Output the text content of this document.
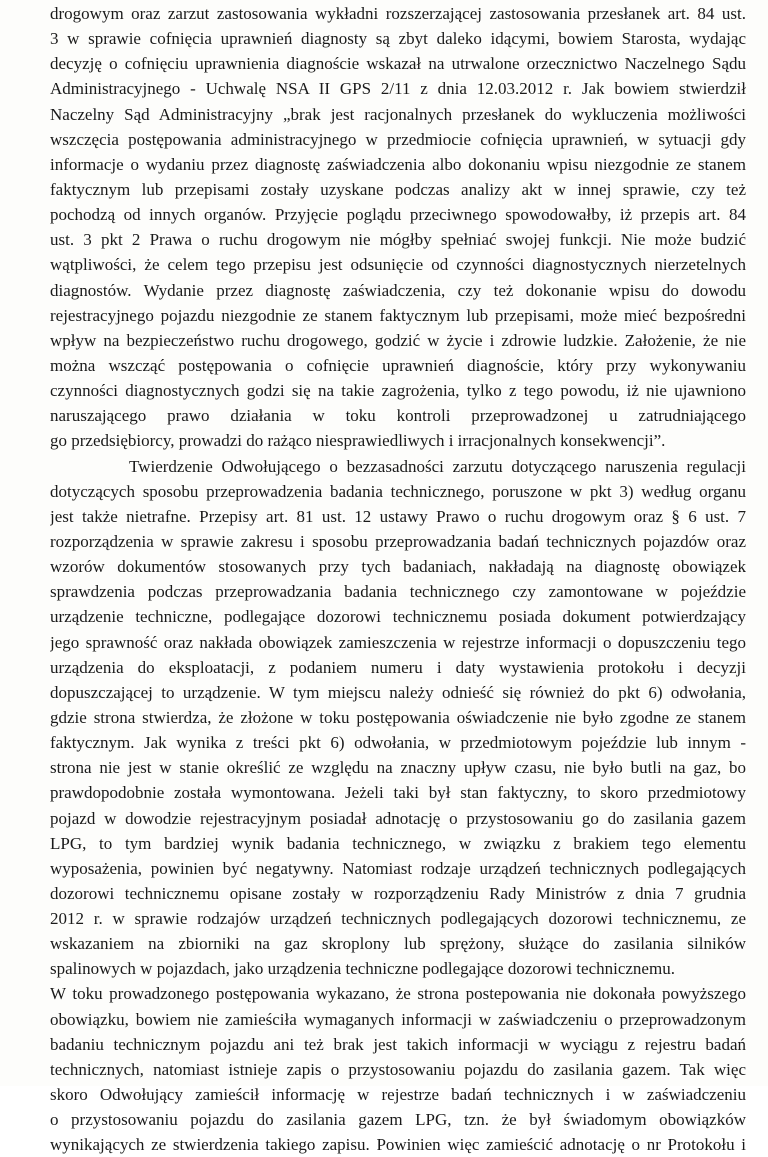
drogowym oraz zarzut zastosowania wykładni rozszerzającej zastosowania przesłanek art. 84 ust.
3 w sprawie cofnięcia uprawnień diagnosty są zbyt daleko idącymi, bowiem Starosta, wydając
decyzję o cofnięciu uprawnienia diagnoście wskazał na utrwalone orzecznictwo Naczelnego Sądu
Administracyjnego - Uchwalę NSA II GPS 2/11 z dnia 12.03.2012 r. Jak bowiem stwierdził
Naczelny Sąd Administracyjny „brak jest racjonalnych przesłanek do wykluczenia możliwości
wszczęcia postępowania administracyjnego w przedmiocie cofnięcia uprawnień, w sytuacji gdy
informacje o wydaniu przez diagnostę zaświadczenia albo dokonaniu wpisu niezgodnie ze stanem
faktycznym lub przepisami zostały uzyskane podczas analizy akt w innej sprawie, czy też
pochodzą od innych organów. Przyjęcie poglądu przeciwnego spowodowałby, iż przepis art. 84
ust. 3 pkt 2 Prawa o ruchu drogowym nie mógłby spełniać swojej funkcji. Nie może budzić
wątpliwości, że celem tego przepisu jest odsunięcie od czynności diagnostycznych nierzetelnych
diagnostów. Wydanie przez diagnostę zaświadczenia, czy też dokonanie wpisu do dowodu
rejestracyjnego pojazdu niezgodnie ze stanem faktycznym lub przepisami, może mieć bezpośredni
wpływ na bezpieczeństwo ruchu drogowego, godzić w życie i zdrowie ludzkie. Założenie, że nie
można wszcząć postępowania o cofnięcie uprawnień diagnoście, który przy wykonywaniu
czynności diagnostycznych godzi się na takie zagrożenia, tylko z tego powodu, iż nie ujawniono
naruszającego prawo działania w toku kontroli przeprowadzonej u zatrudniającego
go przedsiębiorcy, prowadzi do rażąco niesprawiedliwych i irracjonalnych konsekwencji”.
Twierdzenie Odwołującego o bezzasadności zarzutu dotyczącego naruszenia regulacji
dotyczących sposobu przeprowadzenia badania technicznego, poruszone w pkt 3) według organu
jest także nietrafne. Przepisy art. 81 ust. 12 ustawy Prawo o ruchu drogowym oraz § 6 ust. 7
rozporządzenia w sprawie zakresu i sposobu przeprowadzania badań technicznych pojazdów oraz
wzorów dokumentów stosowanych przy tych badaniach, nakładają na diagnostę obowiązek
sprawdzenia podczas przeprowadzania badania technicznego czy zamontowane w pojeździe
urządzenie techniczne, podlegające dozorowi technicznemu posiada dokument potwierdzający
jego sprawność oraz nakłada obowiązek zamieszczenia w rejestrze informacji o dopuszczeniu tego
urządzenia do eksploatacji, z podaniem numeru i daty wystawienia protokołu i decyzji
dopuszczającej to urządzenie. W tym miejscu należy odnieść się również do pkt 6) odwołania,
gdzie strona stwierdza, że złożone w toku postępowania oświadczenie nie było zgodne ze stanem
faktycznym. Jak wynika z treści pkt 6) odwołania, w przedmiotowym pojeździe lub innym -
strona nie jest w stanie określić ze względu na znaczny upływ czasu, nie było butli na gaz, bo
prawdopodobnie została wymontowana. Jeżeli taki był stan faktyczny, to skoro przedmiotowy
pojazd w dowodzie rejestracyjnym posiadał adnotację o przystosowaniu go do zasilania gazem
LPG, to tym bardziej wynik badania technicznego, w związku z brakiem tego elementu
wyposażenia, powinien być negatywny. Natomiast rodzaje urządzeń technicznych podlegających
dozorowi technicznemu opisane zostały w rozporządzeniu Rady Ministrów z dnia 7 grudnia
2012 r. w sprawie rodzajów urządzeń technicznych podlegających dozorowi technicznemu, ze
wskazaniem na zbiorniki na gaz skroplony lub sprężony, służące do zasilania silników
spalinowych w pojazdach, jako urządzenia techniczne podlegające dozorowi technicznemu.
W toku prowadzonego postępowania wykazano, że strona postepowania nie dokonała powyższego
obowiązku, bowiem nie zamieściła wymaganych informacji w zaświadczeniu o przeprowadzonym
badaniu technicznym pojazdu ani też brak jest takich informacji w wyciągu z rejestru badań
technicznych, natomiast istnieje zapis o przystosowaniu pojazdu do zasilania gazem. Tak więc
skoro Odwołujący zamieścił informację w rejestrze badań technicznych i w zaświadczeniu
o przystosowaniu pojazdu do zasilania gazem LPG, tzn. że był świadomym obowiązków
wynikających ze stwierdzenia takiego zapisu. Powinien więc zamieścić adnotację o nr Protokołu i
